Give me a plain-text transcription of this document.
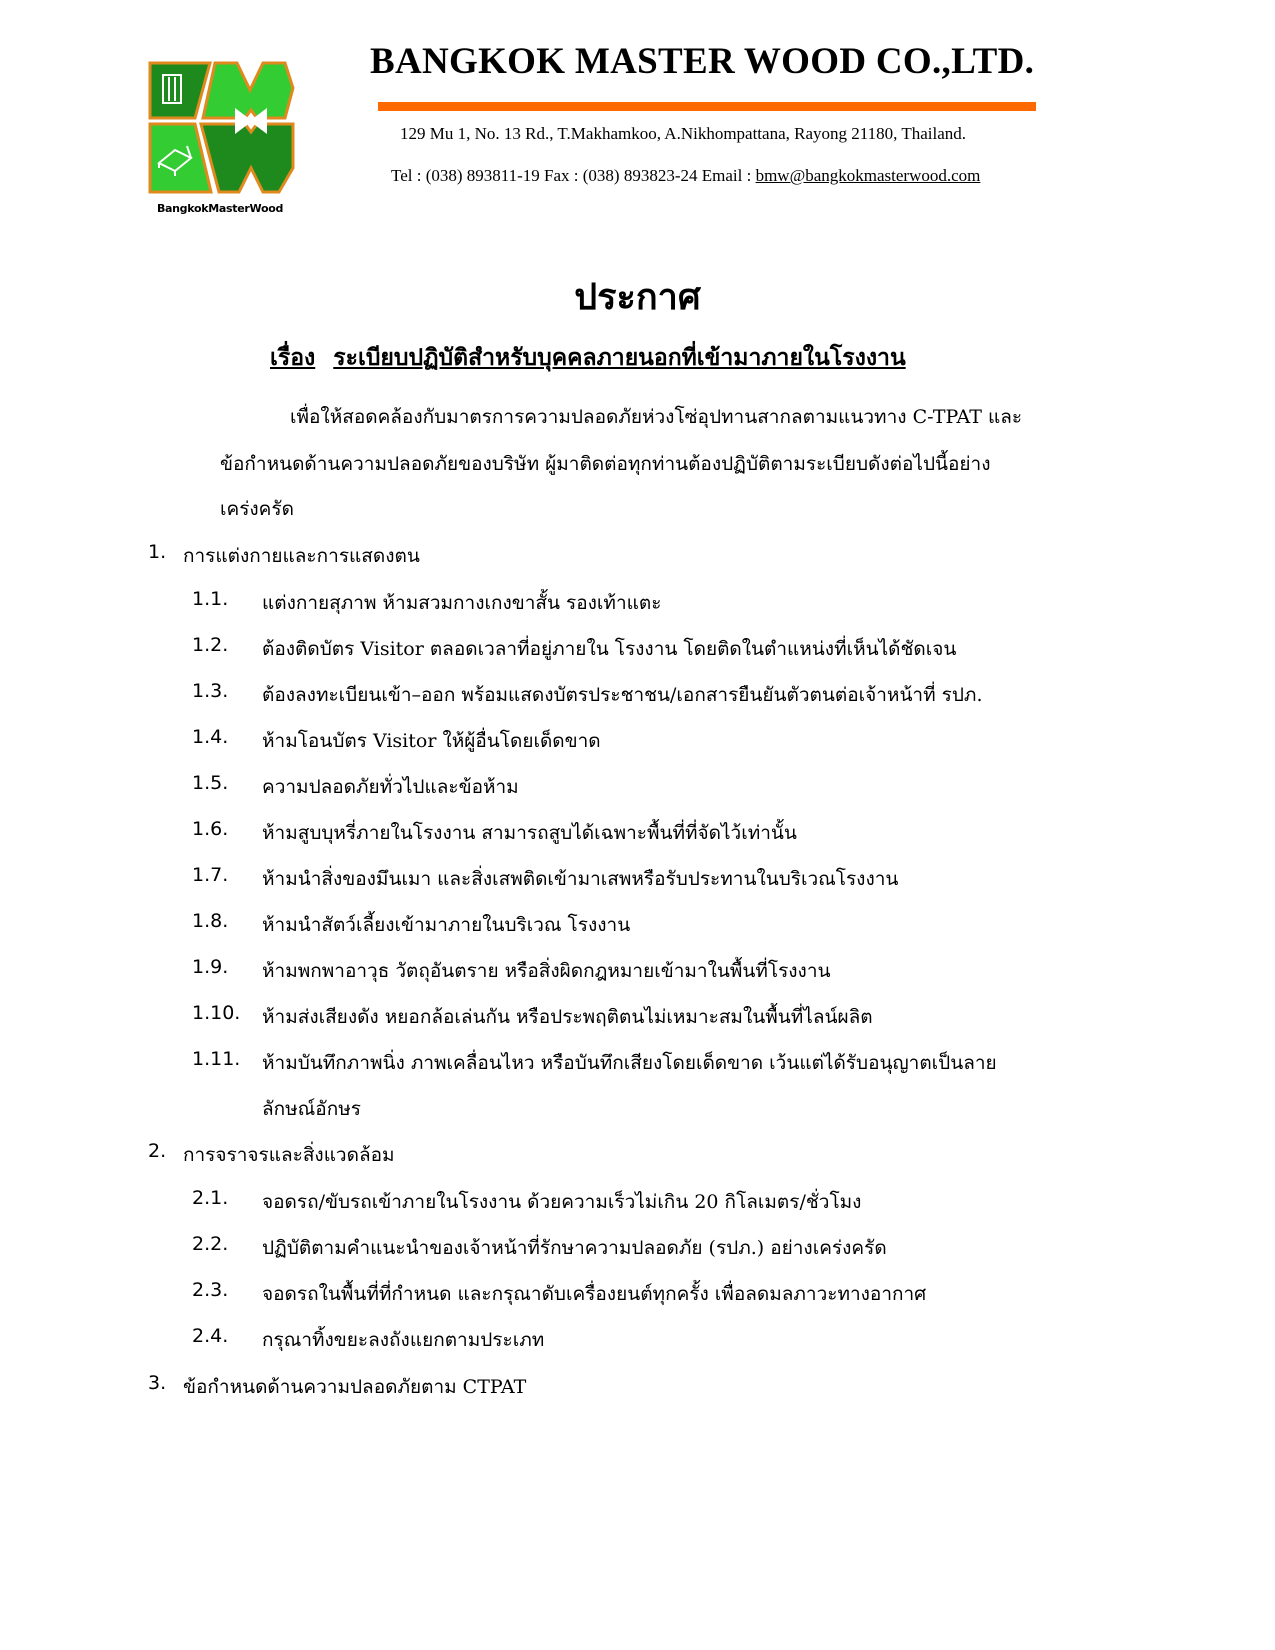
BangkokMasterWood
BANGKOK MASTER WOOD CO.,LTD.
129 Mu 1, No. 13 Rd., T.Makhamkoo, A.Nikhompattana, Rayong 21180, Thailand.
Tel : (038) 893811-19 Fax : (038) 893823-24 Email : bmw@bangkokmasterwood.com
ประกาศ
เรื่อง ระเบียบปฏิบัติสำหรับบุคคลภายนอกที่เข้ามาภายในโรงงาน
เพื่อให้สอดคล้องกับมาตรการความปลอดภัยห่วงโซ่อุปทานสากลตามแนวทาง C-TPAT และ
ข้อกำหนดด้านความปลอดภัยของบริษัท ผู้มาติดต่อทุกท่านต้องปฏิบัติตามระเบียบดังต่อไปนี้อย่าง
เคร่งครัด
1. การแต่งกายและการแสดงตน
1.1. แต่งกายสุภาพ ห้ามสวมกางเกงขาสั้น รองเท้าแตะ
1.2. ต้องติดบัตร Visitor ตลอดเวลาที่อยู่ภายใน โรงงาน โดยติดในตำแหน่งที่เห็นได้ชัดเจน
1.3. ต้องลงทะเบียนเข้า–ออก พร้อมแสดงบัตรประชาชน/เอกสารยืนยันตัวตนต่อเจ้าหน้าที่ รปภ.
1.4. ห้ามโอนบัตร Visitor ให้ผู้อื่นโดยเด็ดขาด
1.5. ความปลอดภัยทั่วไปและข้อห้าม
1.6. ห้ามสูบบุหรี่ภายในโรงงาน สามารถสูบได้เฉพาะพื้นที่ที่จัดไว้เท่านั้น
1.7. ห้ามนำสิ่งของมึนเมา และสิ่งเสพติดเข้ามาเสพหรือรับประทานในบริเวณโรงงาน
1.8. ห้ามนำสัตว์เลี้ยงเข้ามาภายในบริเวณ โรงงาน
1.9. ห้ามพกพาอาวุธ วัตถุอันตราย หรือสิ่งผิดกฎหมายเข้ามาในพื้นที่โรงงาน
1.10. ห้ามส่งเสียงดัง หยอกล้อเล่นกัน หรือประพฤติตนไม่เหมาะสมในพื้นที่ไลน์ผลิต
1.11. ห้ามบันทึกภาพนิ่ง ภาพเคลื่อนไหว หรือบันทึกเสียงโดยเด็ดขาด เว้นแต่ได้รับอนุญาตเป็นลาย
ลักษณ์อักษร
2. การจราจรและสิ่งแวดล้อม
2.1. จอดรถ/ขับรถเข้าภายในโรงงาน ด้วยความเร็วไม่เกิน 20 กิโลเมตร/ชั่วโมง
2.2. ปฏิบัติตามคำแนะนำของเจ้าหน้าที่รักษาความปลอดภัย (รปภ.) อย่างเคร่งครัด
2.3. จอดรถในพื้นที่ที่กำหนด และกรุณาดับเครื่องยนต์ทุกครั้ง เพื่อลดมลภาวะทางอากาศ
2.4. กรุณาทิ้งขยะลงถังแยกตามประเภท
3. ข้อกำหนดด้านความปลอดภัยตาม CTPAT
